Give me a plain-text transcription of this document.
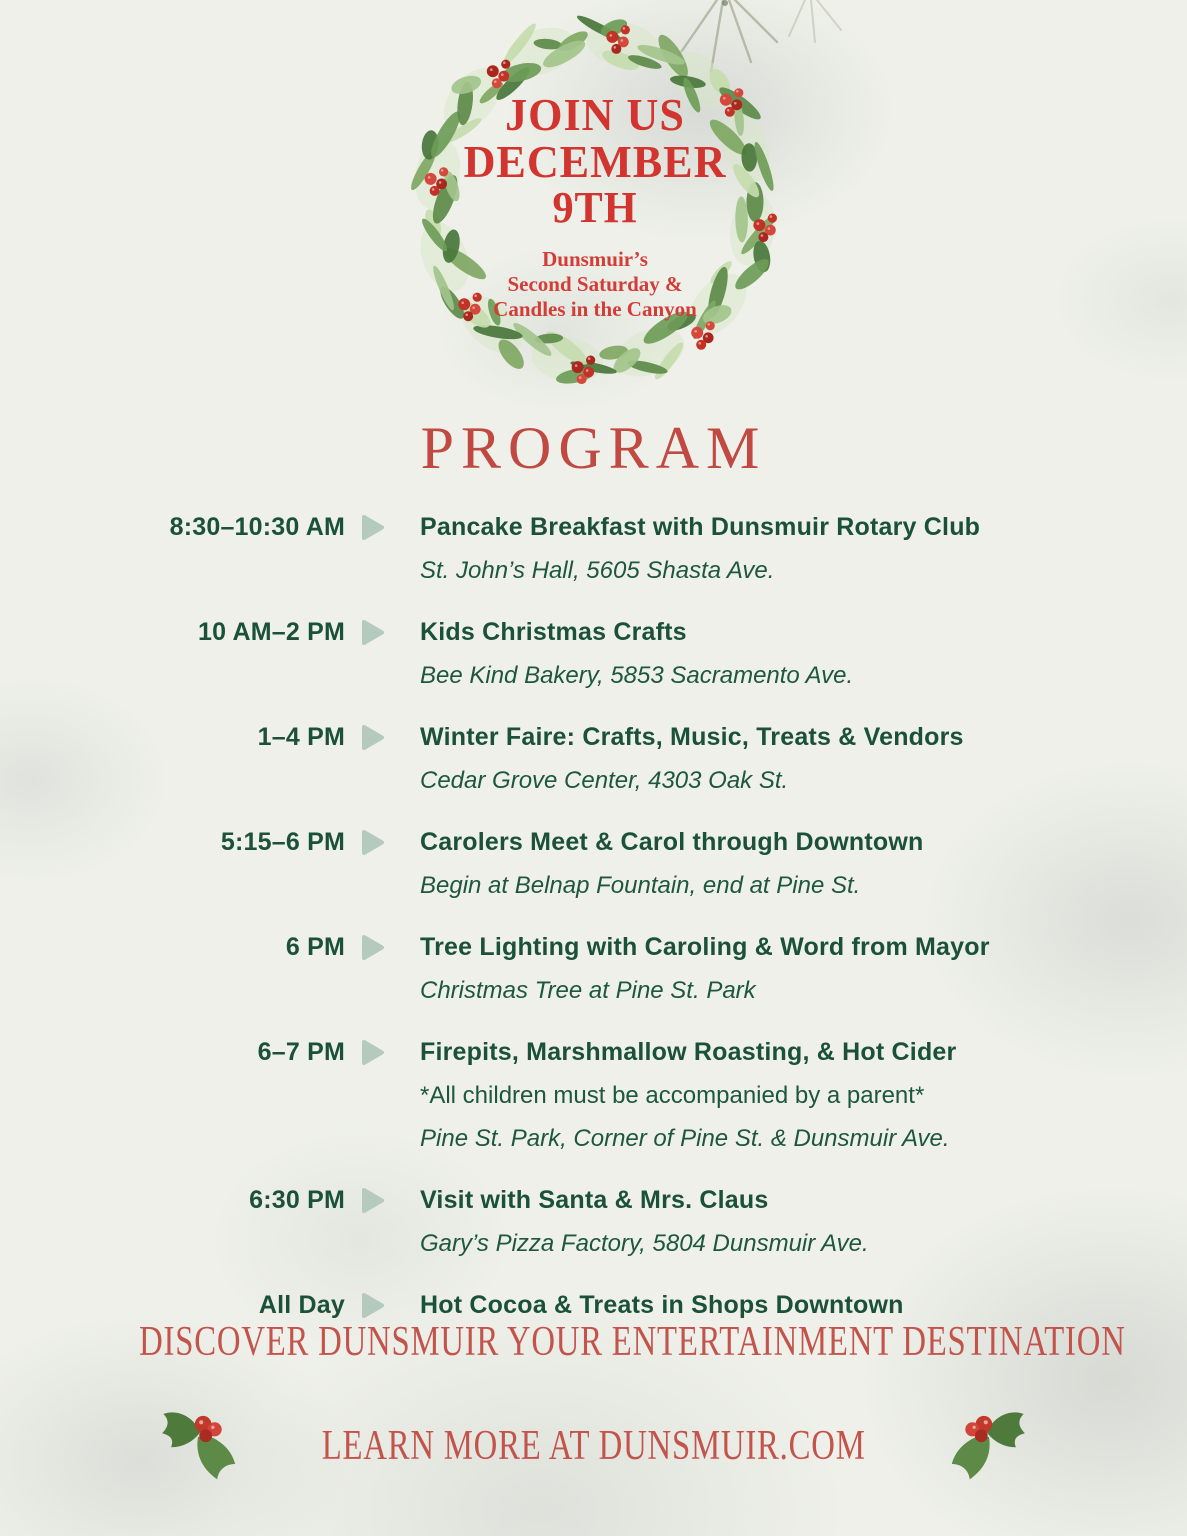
JOIN US
DECEMBER
9TH
Dunsmuir’s
Second Saturday &
Candles in the Canyon
PROGRAM
8:30–10:30 AM	Pancake Breakfast with Dunsmuir Rotary Club
St. John’s Hall, 5605 Shasta Ave.
10 AM–2 PM	Kids Christmas Crafts
Bee Kind Bakery, 5853 Sacramento Ave.
1–4 PM	Winter Faire: Crafts, Music, Treats & Vendors
Cedar Grove Center, 4303 Oak St.
5:15–6 PM	Carolers Meet & Carol through Downtown
Begin at Belnap Fountain, end at Pine St.
6 PM	Tree Lighting with Caroling & Word from Mayor
Christmas Tree at Pine St. Park
6–7 PM	Firepits, Marshmallow Roasting, & Hot Cider
*All children must be accompanied by a parent*
Pine St. Park, Corner of Pine St. & Dunsmuir Ave.
6:30 PM	Visit with Santa & Mrs. Claus
Gary’s Pizza Factory, 5804 Dunsmuir Ave.
All Day	Hot Cocoa & Treats in Shops Downtown
DISCOVER DUNSMUIR YOUR ENTERTAINMENT DESTINATION
LEARN MORE AT DUNSMUIR.COM
